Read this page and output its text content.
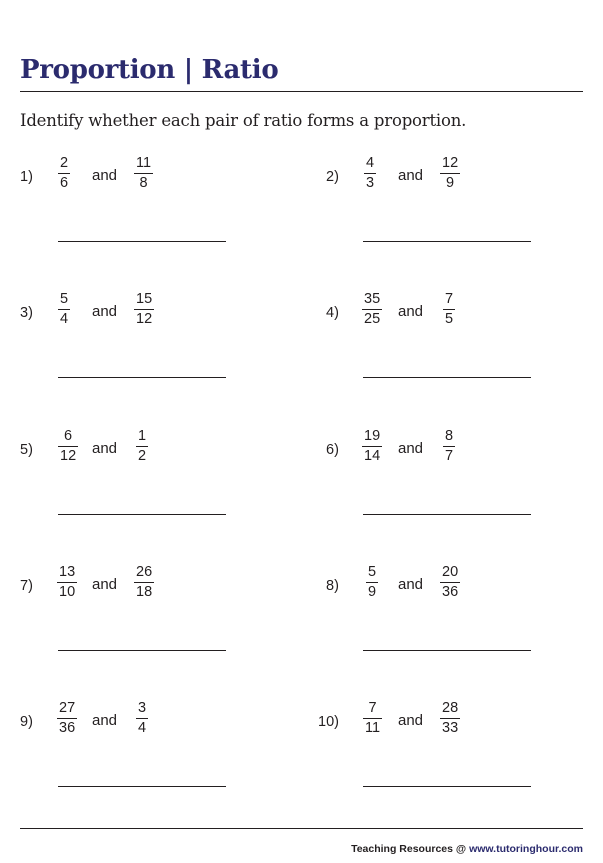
Proportion | Ratio

Identify whether each pair of ratio forms a proportion.

1)
2
6 and
11
8	2)
4
3 and
12
9
3)
5
4 and
15
12	4)
35
25 and
7
5
5)
6
12 and
1
2	6)
19
14 and
8
7
7)
13
10 and
26
18	8)
5
9 and
20
36
9)
27
36 and
3
4	10)
7
11 and
28
33
Teaching Resources @ www.tutoringhour.com
